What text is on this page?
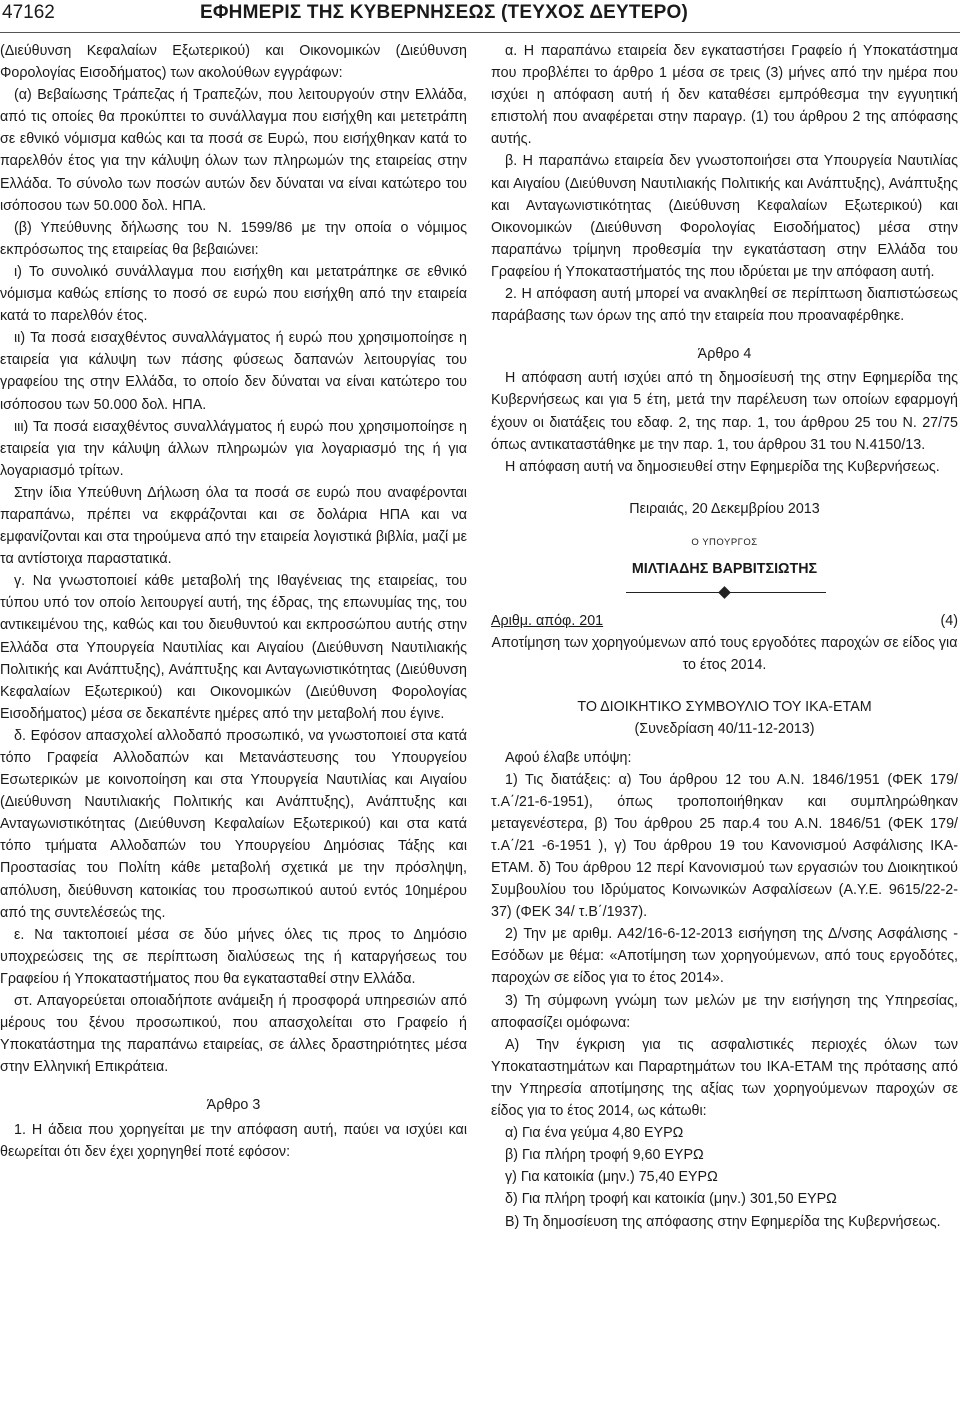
47162	ΕΦΗΜΕΡΙΣ ΤΗΣ ΚΥΒΕΡΝΗΣΕΩΣ (ΤΕΥΧΟΣ ΔΕΥΤΕΡΟ)

(Διεύθυνση Κεφαλαίων Εξωτερικού) και Οικονομικών (Διεύθυνση Φορολογίας Εισοδήματος) των ακολούθων εγγράφων:

(α) Βεβαίωσης Τράπεζας ή Τραπεζών, που λειτουργούν στην Ελλάδα, από τις οποίες θα προκύπτει το συνάλλαγμα που εισήχθη και μετετράπη σε εθνικό νόμισμα καθώς και τα ποσά σε Ευρώ, που εισήχθηκαν κατά το παρελθόν έτος για την κάλυψη όλων των πληρωμών της εταιρείας στην Ελλάδα. Το σύνολο των ποσών αυτών δεν δύναται να είναι κατώτερο του ισόποσου των 50.000 δολ. ΗΠΑ.

(β) Υπεύθυνης δήλωσης του Ν. 1599/86 με την οποία ο νόμιμος εκπρόσωπος της εταιρείας θα βεβαιώνει:

ι) Το συνολικό συνάλλαγμα που εισήχθη και μετατράπηκε σε εθνικό νόμισμα καθώς επίσης το ποσό σε ευρώ που εισήχθη από την εταιρεία κατά το παρελθόν έτος.

ιι) Τα ποσά εισαχθέντος συναλλάγματος ή ευρώ που χρησιμοποίησε η εταιρεία για κάλυψη των πάσης φύσεως δαπανών λειτουργίας του γραφείου της στην Ελλάδα, το οποίο δεν δύναται να είναι κατώτερο του ισόποσου των 50.000 δολ. ΗΠΑ.

ιιι) Τα ποσά εισαχθέντος συναλλάγματος ή ευρώ που χρησιμοποίησε η εταιρεία για την κάλυψη άλλων πληρωμών για λογαριασμό της ή για λογαριασμό τρίτων.

Στην ίδια Υπεύθυνη Δήλωση όλα τα ποσά σε ευρώ που αναφέρονται παραπάνω, πρέπει να εκφράζονται και σε δολάρια ΗΠΑ και να εμφανίζονται και στα τηρούμενα από την εταιρεία λογιστικά βιβλία, μαζί με τα αντίστοιχα παραστατικά.

γ. Να γνωστοποιεί κάθε μεταβολή της Ιθαγένειας της εταιρείας, του τύπου υπό τον οποίο λειτουργεί αυτή, της έδρας, της επωνυμίας της, του αντικειμένου της, καθώς και του διευθυντού και εκπροσώπου αυτής στην Ελλάδα στα Υπουργεία Ναυτιλίας και Αιγαίου (Διεύθυνση Ναυτιλιακής Πολιτικής και Ανάπτυξης), Ανάπτυξης και Ανταγωνιστικότητας (Διεύθυνση Κεφαλαίων Εξωτερικού) και Οικονομικών (Διεύθυνση Φορολογίας Εισοδήματος) μέσα σε δεκαπέντε ημέρες από την μεταβολή που έγινε.

δ. Εφόσον απασχολεί αλλοδαπό προσωπικό, να γνωστοποιεί στα κατά τόπο Γραφεία Αλλοδαπών και Μετανάστευσης του Υπουργείου Εσωτερικών με κοινοποίηση και στα Υπουργεία Ναυτιλίας και Αιγαίου (Διεύθυνση Ναυτιλιακής Πολιτικής και Ανάπτυξης), Ανάπτυξης και Ανταγωνιστικότητας (Διεύθυνση Κεφαλαίων Εξωτερικού) και στα κατά τόπο τμήματα Αλλοδαπών του Υπουργείου Δημόσιας Τάξης και Προστασίας του Πολίτη κάθε μεταβολή σχετικά με την πρόσληψη, απόλυση, διεύθυνση κατοικίας του προσωπικού αυτού εντός 10ημέρου από της συντελέσεώς της.

ε. Να τακτοποιεί μέσα σε δύο μήνες όλες τις προς το Δημόσιο υποχρεώσεις της σε περίπτωση διαλύσεως της ή καταργήσεως του Γραφείου ή Υποκαταστήματος που θα εγκατασταθεί στην Ελλάδα.

στ. Απαγορεύεται οποιαδήποτε ανάμειξη ή προσφορά υπηρεσιών από μέρους του ξένου προσωπικού, που απασχολείται στο Γραφείο ή Υποκατάστημα της παραπάνω εταιρείας, σε άλλες δραστηριότητες μέσα στην Ελληνική Επικράτεια.

Άρθρο 3

1. Η άδεια που χορηγείται με την απόφαση αυτή, παύει να ισχύει και θεωρείται ότι δεν έχει χορηγηθεί ποτέ εφόσον:

α. Η παραπάνω εταιρεία δεν εγκαταστήσει Γραφείο ή Υποκατάστημα που προβλέπει το άρθρο 1 μέσα σε τρεις (3) μήνες από την ημέρα που ισχύει η απόφαση αυτή ή δεν καταθέσει εμπρόθεσμα την εγγυητική επιστολή που αναφέρεται στην παραγρ. (1) του άρθρου 2 της απόφασης αυτής.

β. Η παραπάνω εταιρεία δεν γνωστοποιήσει στα Υπουργεία Ναυτιλίας και Αιγαίου (Διεύθυνση Ναυτιλιακής Πολιτικής και Ανάπτυξης), Ανάπτυξης και Ανταγωνιστικότητας (Διεύθυνση Κεφαλαίων Εξωτερικού) και Οικονομικών (Διεύθυνση Φορολογίας Εισοδήματος) μέσα στην παραπάνω τρίμηνη προθεσμία την εγκατάσταση στην Ελλάδα του Γραφείου ή Υποκαταστήματός της που ιδρύεται με την απόφαση αυτή.

2. Η απόφαση αυτή μπορεί να ανακληθεί σε περίπτωση διαπιστώσεως παράβασης των όρων της από την εταιρεία που προαναφέρθηκε.

Άρθρο 4

Η απόφαση αυτή ισχύει από τη δημοσίευσή της στην Εφημερίδα της Κυβερνήσεως και για 5 έτη, μετά την παρέλευση των οποίων εφαρμογή έχουν οι διατάξεις του εδαφ. 2, της παρ. 1, του άρθρου 25 του Ν. 27/75 όπως αντικαταστάθηκε με την παρ. 1, του άρθρου 31 του Ν.4150/13.

Η απόφαση αυτή να δημοσιευθεί στην Εφημερίδα της Κυβερνήσεως.

Πειραιάς, 20 Δεκεμβρίου 2013

Ο ΥΠΟΥΡΓΟΣ

ΜΙΛΤΙΑΔΗΣ ΒΑΡΒΙΤΣΙΩΤΗΣ

Αριθμ. απόφ. 201	(4)

Αποτίμηση των χορηγούμενων από τους εργοδότες παροχών σε είδος για το έτος 2014.

ΤΟ ΔΙΟΙΚΗΤΙΚΟ ΣΥΜΒΟΥΛΙΟ ΤΟΥ ΙΚΑ-ΕΤΑΜ

(Συνεδρίαση 40/11-12-2013)

Αφού έλαβε υπόψη:

1) Τις διατάξεις: α) Του άρθρου 12 του Α.Ν. 1846/1951 (ΦΕΚ 179/τ.Α΄/21-6-1951), όπως τροποποιήθηκαν και συμπληρώθηκαν μεταγενέστερα, β) Του άρθρου 25 παρ.4 του Α.Ν. 1846/51 (ΦΕΚ 179/τ.Α΄/21 -6-1951 ), γ) Του άρθρου 19 του Κανονισμού Ασφάλισης ΙΚΑ-ΕΤΑΜ. δ) Του άρθρου 12 περί Κανονισμού των εργασιών του Διοικητικού Συμβουλίου του Ιδρύματος Κοινωνικών Ασφαλίσεων (Α.Υ.Ε. 9615/22-2-37) (ΦΕΚ 34/ τ.Β΄/1937).

2) Την με αριθμ. Α42/16-6-12-2013 εισήγηση της Δ/νσης Ασφάλισης - Εσόδων με θέμα: «Αποτίμηση των χορηγούμενων, από τους εργοδότες, παροχών σε είδος για το έτος 2014».

3) Τη σύμφωνη γνώμη των μελών με την εισήγηση της Υπηρεσίας, αποφασίζει ομόφωνα:

Α) Την έγκριση για τις ασφαλιστικές περιοχές όλων των Υποκαταστημάτων και Παραρτημάτων του ΙΚΑ-ΕΤΑΜ της πρότασης από την Υπηρεσία αποτίμησης της αξίας των χορηγούμενων παροχών σε είδος για το έτος 2014, ως κάτωθι:

α) Για ένα γεύμα 4,80 ΕΥΡΩ

β) Για πλήρη τροφή 9,60 ΕΥΡΩ

γ) Για κατοικία (μην.) 75,40 ΕΥΡΩ

δ) Για πλήρη τροφή και κατοικία (μην.) 301,50 ΕΥΡΩ

Β) Τη δημοσίευση της απόφασης στην Εφημερίδα της Κυβερνήσεως.
